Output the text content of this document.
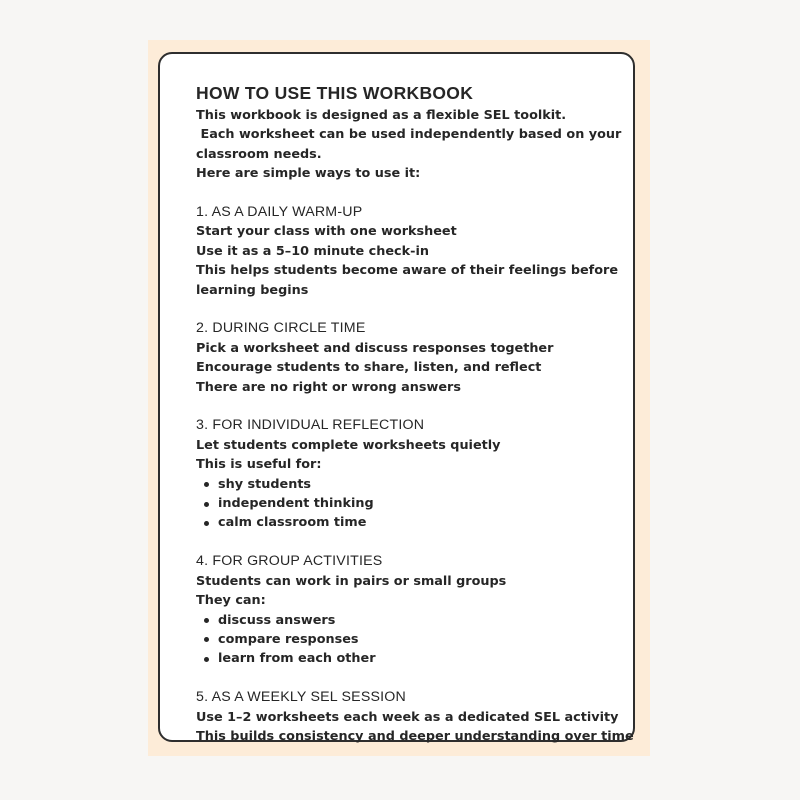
HOW TO USE THIS WORKBOOK
This workbook is designed as a flexible SEL toolkit.
Each worksheet can be used independently based on your
classroom needs.
Here are simple ways to use it:
1. AS A DAILY WARM-UP
Start your class with one worksheet
Use it as a 5–10 minute check-in
This helps students become aware of their feelings before
learning begins
2. DURING CIRCLE TIME
Pick a worksheet and discuss responses together
Encourage students to share, listen, and reflect
There are no right or wrong answers
3. FOR INDIVIDUAL REFLECTION
Let students complete worksheets quietly
This is useful for:
shy students
independent thinking
calm classroom time
4. FOR GROUP ACTIVITIES
Students can work in pairs or small groups
They can:
discuss answers
compare responses
learn from each other
5. AS A WEEKLY SEL SESSION
Use 1–2 worksheets each week as a dedicated SEL activity
This builds consistency and deeper understanding over time
